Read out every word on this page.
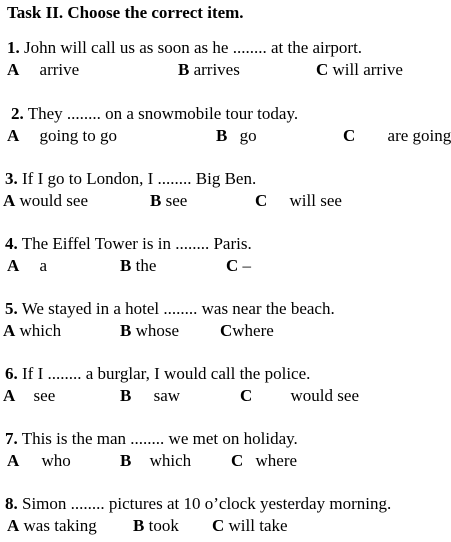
Task II. Choose the correct item.
1. John will call us as soon as he ........ at the airport.
A arrive	B arrives	C will arrive
2. They ........ on a snowmobile tour today.
A going to go	B go	C are going
3. If I go to London, I ........ Big Ben.
A would see	B see	C will see
4. The Eiffel Tower is in ........ Paris.
A a	B the	C –
5. We stayed in a hotel ........ was near the beach.
A which	B whose Cwhere
6. If I ........ a burglar, I would call the police.
A see	B saw	C would see
7. This is the man ........ we met on holiday.
A who	B which C where
8. Simon ........ pictures at 10 o’clock yesterday morning.
A was taking B took C will take
